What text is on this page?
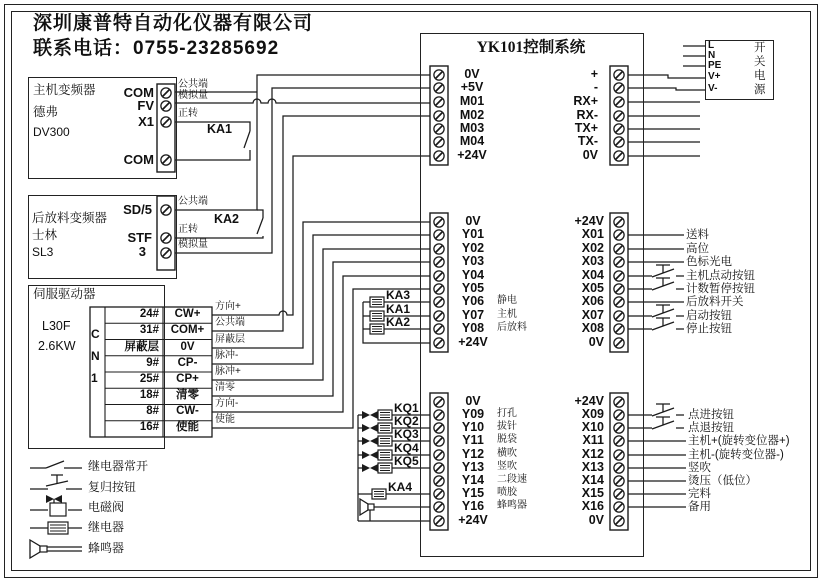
深圳康普特自动化仪器有限公司
联系电话：0755-23285692
主机变频器
德弗
DV300
COM
FV
X1
COM
公共端
模拟量
正转
KA1
后放料变频器
士林
SL3
SD/5
STF
3
公共端
正转
模拟量
KA2
伺服驱动器
L30F
2.6KW
C
N
1
24#
31#
屏蔽层
9#
25#
18#
8#
16#
CW+
COM+
0V
CP-
CP+
清零
CW-
使能
方向+
公共端
屏蔽层
脉冲-
脉冲+
清零
方向-
使能
YK101控制系统
0V
+5V
M01
M02
M03
M04
+24V
+
-
RX+
RX-
TX+
TX-
0V
0V
Y01
Y02
Y03
Y04
Y05
Y06
Y07
Y08
+24V
静电
主机
后放料
+24V
X01
X02
X03
X04
X05
X06
X07
X08
0V
0V
Y09
Y10
Y11
Y12
Y13
Y14
Y15
Y16
+24V
打孔
拔针
脱袋
横吹
竖吹
二段速
喷胶
蜂鸣器
+24V
X09
X10
X11
X12
X13
X14
X15
X16
0V
L
N
PE
V+
V-
开
关
电
源
送料
高位
色标光电
主机点动按钮
计数暂停按钮
后放料开关
启动按钮
停止按钮
点进按钮
点退按钮
主机+(旋转变位器+)
主机-(旋转变位器-)
竖吹
烫压（低位）
完料
备用
KA3
KA1
KA2
KQ1
KQ2
KQ3
KQ4
KQ5
KA4
继电器常开
复归按钮
电磁阀
继电器
蜂鸣器
